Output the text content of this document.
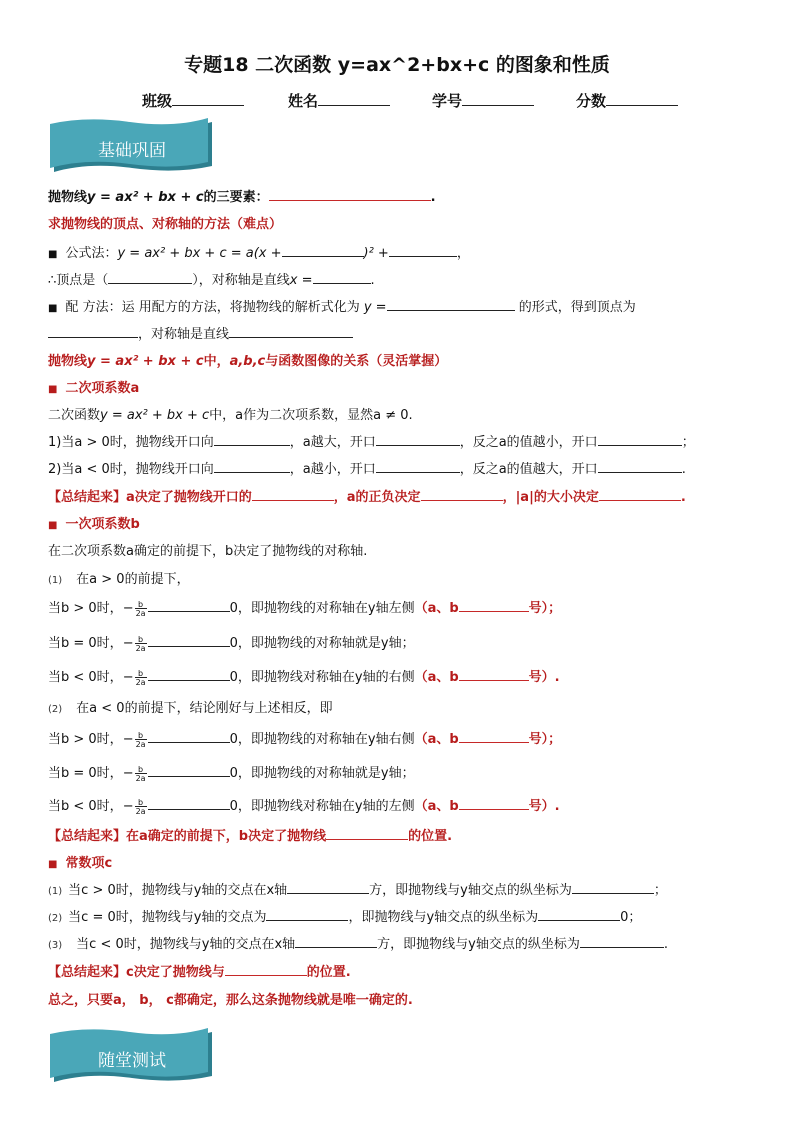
专题18 二次函数 y=ax^2+bx+c 的图象和性质
班级	姓名	学号	分数
基础巩固
抛物线y = ax² + bx + c的三要素：	.
求抛物线的顶点、对称轴的方法（难点）
■ 公式法：y = ax² + bx + c = a(x +	)² +	，
∴顶点是（	），对称轴是直线x =	.
■ 配 方法：运 用配方的方法，将抛物线的解析式化为 y =	的形式，得到顶点为
，对称轴是直线
抛物线y = ax² + bx + c中，a,b,c与函数图像的关系（灵活掌握）
■ 二次项系数a
二次函数y = ax² + bx + c中，a作为二次项系数，显然a ≠ 0.
1)当a > 0时，抛物线开口向	，a越大，开口	，反之a的值越小，开口	；
2)当a < 0时，抛物线开口向	，a越小，开口	，反之a的值越大，开口	.
【总结起来】a决定了抛物线开口的	，a的正负决定	，|a|的大小决定	.
■ 一次项系数b
在二次项系数a确定的前提下，b决定了抛物线的对称轴.
(1) 在a > 0的前提下，
当b > 0时，$-\frac{b}{2a}$	0，即抛物线的对称轴在y轴左侧（a、b	号）；
当b = 0时，$-\frac{b}{2a}$	0，即抛物线的对称轴就是y轴；
当b < 0时，$-\frac{b}{2a}$	0，即抛物线对称轴在y轴的右侧（a、b	号）.
(2) 在a < 0的前提下，结论刚好与上述相反，即
当b > 0时，$-\frac{b}{2a}$	0，即抛物线的对称轴在y轴右侧（a、b	号）；
当b = 0时，$-\frac{b}{2a}$	0，即抛物线的对称轴就是y轴；
当b < 0时，$-\frac{b}{2a}$	0，即抛物线对称轴在y轴的左侧（a、b	号）.
【总结起来】在a确定的前提下，b决定了抛物线	的位置.
■ 常数项c
(1) 当c > 0时，抛物线与y轴的交点在x轴	方，即抛物线与y轴交点的纵坐标为	；
(2) 当c = 0时，抛物线与y轴的交点为	，即抛物线与y轴交点的纵坐标为	0；
(3) 当c < 0时，抛物线与y轴的交点在x轴	方，即抛物线与y轴交点的纵坐标为	.
【总结起来】c决定了抛物线与	的位置.
总之，只要a， b， c都确定，那么这条抛物线就是唯一确定的.
随堂测试
